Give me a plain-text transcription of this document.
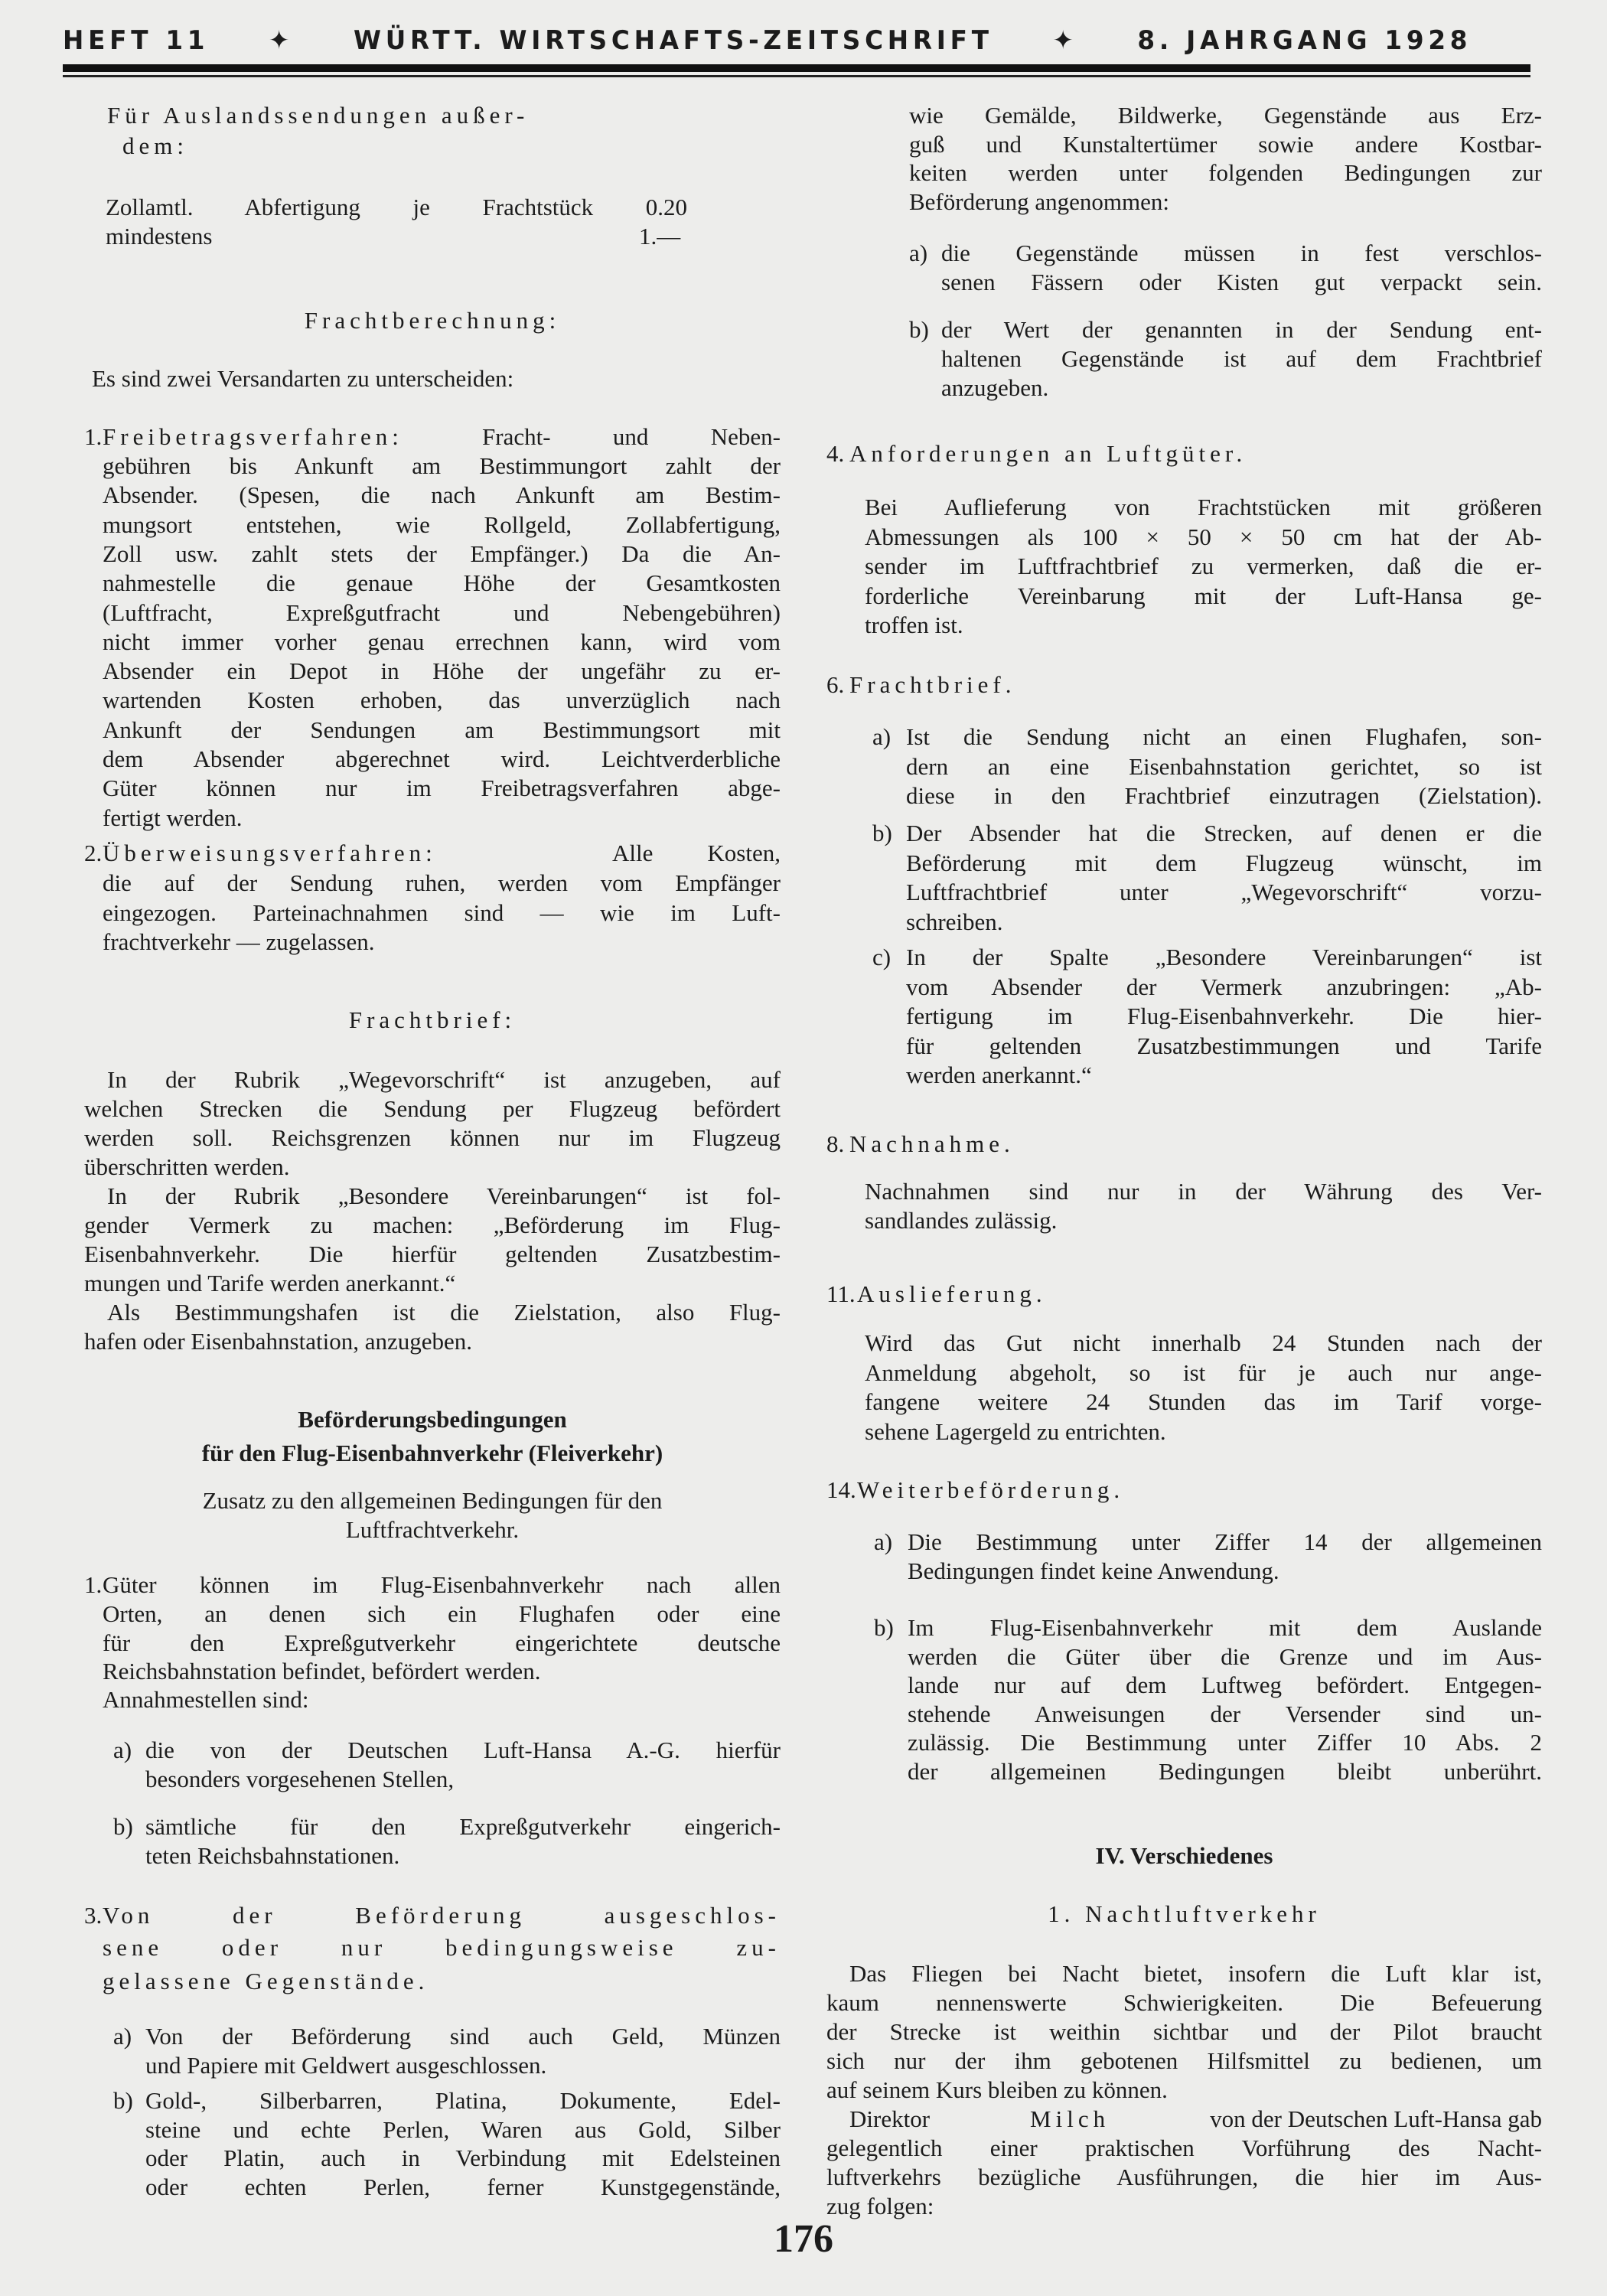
HEFT 11 ✦ WÜRTT. WIRTSCHAFTS-ZEITSCHRIFT ✦ 8. JAHRGANG 1928
Für Auslandssendungen außer-
dem:
Zollamtl. Abfertigung je Frachtstück 0.20
mindestens	1.—
Frachtberechnung:
Es sind zwei Versandarten zu unterscheiden:
1. Freibetragsverfahren:	Fracht- und Neben-
gebühren bis Ankunft am Bestimmungort zahlt der
Absender. (Spesen, die nach Ankunft am Bestim-
mungsort entstehen, wie Rollgeld, Zollabfertigung,
Zoll usw. zahlt stets der Empfänger.) Da die An-
nahmestelle die genaue Höhe der Gesamtkosten
(Luftfracht, Expreßgutfracht und Nebengebühren)
nicht immer vorher genau errechnen kann, wird vom
Absender ein Depot in Höhe der ungefähr zu er-
wartenden Kosten erhoben, das unverzüglich nach
Ankunft der Sendungen am Bestimmungsort mit
dem Absender abgerechnet wird. Leichtverderbliche
Güter können nur im Freibetragsverfahren abge-
fertigt werden.
2. Überweisungsverfahren:	Alle Kosten,
die auf der Sendung ruhen, werden vom Empfänger
eingezogen. Parteinachnahmen sind — wie im Luft-
frachtverkehr — zugelassen.
Frachtbrief:
In der Rubrik „Wegevorschrift“ ist anzugeben, auf
welchen Strecken die Sendung per Flugzeug befördert
werden soll. Reichsgrenzen können nur im Flugzeug
überschritten werden.
In der Rubrik „Besondere Vereinbarungen“ ist fol-
gender Vermerk zu machen: „Beförderung im Flug-
Eisenbahnverkehr. Die hierfür geltenden Zusatzbestim-
mungen und Tarife werden anerkannt.“
Als Bestimmungshafen ist die Zielstation, also Flug-
hafen oder Eisenbahnstation, anzugeben.
Beförderungsbedingungen
für den Flug-Eisenbahnverkehr (Fleiverkehr)
Zusatz zu den allgemeinen Bedingungen für den
Luftfrachtverkehr.
1. Güter können im Flug-Eisenbahnverkehr nach allen
Orten, an denen sich ein Flughafen oder eine
für den Expreßgutverkehr eingerichtete deutsche
Reichsbahnstation befindet, befördert werden.
Annahmestellen sind:
a) die von der Deutschen Luft-Hansa A.-G. hierfür
besonders vorgesehenen Stellen,
b) sämtliche für den Expreßgutverkehr eingerich-
teten Reichsbahnstationen.
3. Von der Beförderung ausgeschlos-
sene oder nur bedingungsweise zu-
gelassene Gegenstände.
a) Von der Beförderung sind auch Geld, Münzen
und Papiere mit Geldwert ausgeschlossen.
b) Gold-, Silberbarren, Platina, Dokumente, Edel-
steine und echte Perlen, Waren aus Gold, Silber
oder Platin, auch in Verbindung mit Edelsteinen
oder echten Perlen, ferner Kunstgegenstände,
wie Gemälde, Bildwerke, Gegenstände aus Erz-
guß und Kunstaltertümer sowie andere Kostbar-
keiten werden unter folgenden Bedingungen zur
Beförderung angenommen:
a) die Gegenstände müssen in fest verschlos-
senen Fässern oder Kisten gut verpackt sein.
b) der Wert der genannten in der Sendung ent-
haltenen Gegenstände ist auf dem Frachtbrief
anzugeben.
4. Anforderungen an Luftgüter.
Bei Auflieferung von Frachtstücken mit größeren
Abmessungen als 100 × 50 × 50 cm hat der Ab-
sender im Luftfrachtbrief zu vermerken, daß die er-
forderliche Vereinbarung mit der Luft-Hansa ge-
troffen ist.
6. Frachtbrief.
a) Ist die Sendung nicht an einen Flughafen, son-
dern an eine Eisenbahnstation gerichtet, so ist
diese in den Frachtbrief einzutragen (Zielstation).
b) Der Absender hat die Strecken, auf denen er die
Beförderung mit dem Flugzeug wünscht, im
Luftfrachtbrief unter „Wegevorschrift“ vorzu-
schreiben.
c) In der Spalte „Besondere Vereinbarungen“ ist
vom Absender der Vermerk anzubringen: „Ab-
fertigung im Flug-Eisenbahnverkehr. Die hier-
für geltenden Zusatzbestimmungen und Tarife
werden anerkannt.“
8. Nachnahme.
Nachnahmen sind nur in der Währung des Ver-
sandlandes zulässig.
11. Auslieferung.
Wird das Gut nicht innerhalb 24 Stunden nach der
Anmeldung abgeholt, so ist für je auch nur ange-
fangene weitere 24 Stunden das im Tarif vorge-
sehene Lagergeld zu entrichten.
14. Weiterbeförderung.
a) Die Bestimmung unter Ziffer 14 der allgemeinen
Bedingungen findet keine Anwendung.
b) Im Flug-Eisenbahnverkehr mit dem Auslande
werden die Güter über die Grenze und im Aus-
lande nur auf dem Luftweg befördert. Entgegen-
stehende Anweisungen der Versender sind un-
zulässig. Die Bestimmung unter Ziffer 10 Abs. 2
der allgemeinen Bedingungen bleibt unberührt.
IV. Verschiedenes
1. Nachtluftverkehr
Das Fliegen bei Nacht bietet, insofern die Luft klar ist,
kaum nennenswerte Schwierigkeiten. Die Befeuerung
der Strecke ist weithin sichtbar und der Pilot braucht
sich nur der ihm gebotenen Hilfsmittel zu bedienen, um
auf seinem Kurs bleiben zu können.
Direktor	Milch	von der Deutschen Luft-Hansa gab
gelegentlich einer praktischen Vorführung des Nacht-
luftverkehrs bezügliche Ausführungen, die hier im Aus-
zug folgen:
176
